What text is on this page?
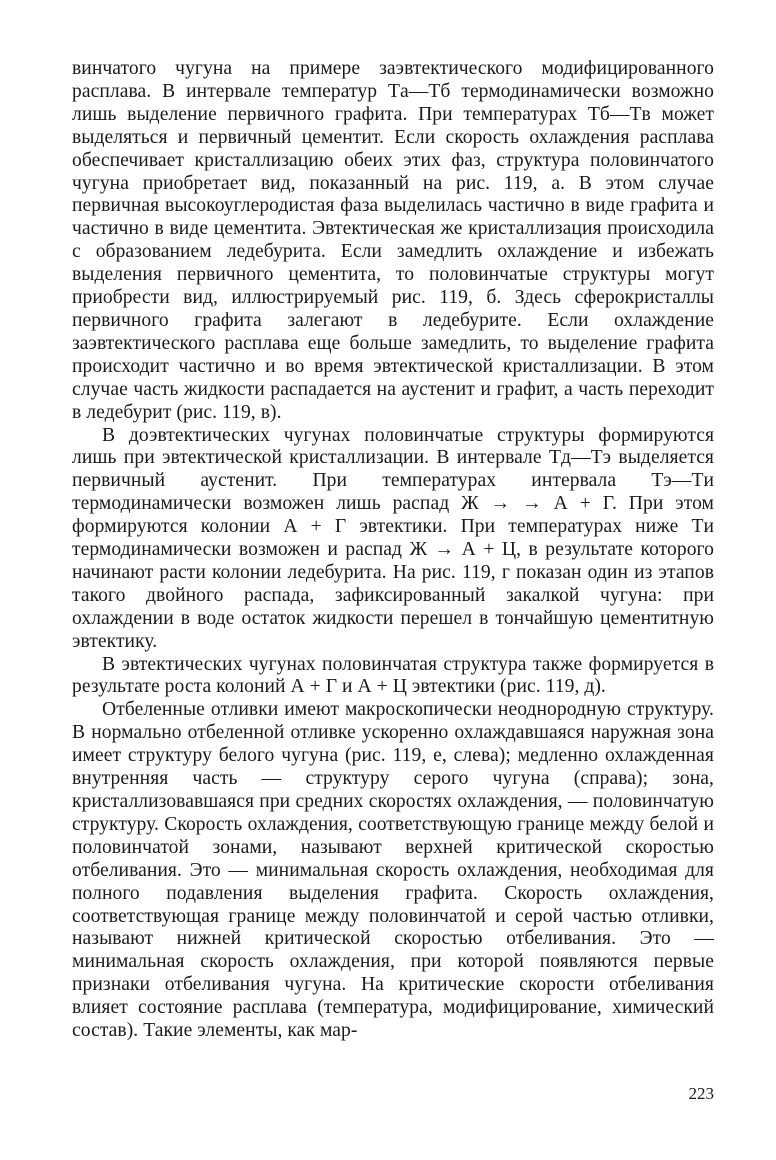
винчатого чугуна на примере заэвтектического модифицированного расплава. В интервале температур Tа—Tб термодинамически возможно лишь выделение первичного графита. При температурах Tб—Tв может выделяться и первичный цементит. Если скорость охлаждения расплава обеспечивает кристаллизацию обеих этих фаз, структура половинчатого чугуна приобретает вид, показанный на рис. 119, а. В этом случае первичная высокоуглеродистая фаза выделилась частично в виде графита и частично в виде цементита. Эвтектическая же кристаллизация происходила с образованием ледебурита. Если замедлить охлаждение и избежать выделения первичного цементита, то половинчатые структуры могут приобрести вид, иллюстрируемый рис. 119, б. Здесь сферокристаллы первичного графита залегают в ледебурите. Если охлаждение заэвтектического расплава еще больше замедлить, то выделение графита происходит частично и во время эвтектической кристаллизации. В этом случае часть жидкости распадается на аустенит и графит, а часть переходит в ледебурит (рис. 119, в).

В доэвтектических чугунах половинчатые структуры формируются лишь при эвтектической кристаллизации. В интервале Tд—Tэ выделяется первичный аустенит. При температурах интервала Tэ—Tи термодинамически возможен лишь распад Ж → → А + Г. При этом формируются колонии А + Г эвтектики. При температурах ниже Tи термодинамически возможен и распад Ж → А + Ц, в результате которого начинают расти колонии ледебурита. На рис. 119, г показан один из этапов такого двойного распада, зафиксированный закалкой чугуна: при охлаждении в воде остаток жидкости перешел в тончайшую цементитную эвтектику.

В эвтектических чугунах половинчатая структура также формируется в результате роста колоний А + Г и А + Ц эвтектики (рис. 119, д).

Отбеленные отливки имеют макроскопически неоднородную структуру. В нормально отбеленной отливке ускоренно охлаждавшаяся наружная зона имеет структуру белого чугуна (рис. 119, е, слева); медленно охлажденная внутренняя часть — структуру серого чугуна (справа); зона, кристаллизовавшаяся при средних скоростях охлаждения, — половинчатую структуру. Скорость охлаждения, соответствующую границе между белой и половинчатой зонами, называют верхней критической скоростью отбеливания. Это — минимальная скорость охлаждения, необходимая для полного подавления выделения графита. Скорость охлаждения, соответствующая границе между половинчатой и серой частью отливки, называют нижней критической скоростью отбеливания. Это — минимальная скорость охлаждения, при которой появляются первые признаки отбеливания чугуна. На критические скорости отбеливания влияет состояние расплава (температура, модифицирование, химический состав). Такие элементы, как мар-

223
